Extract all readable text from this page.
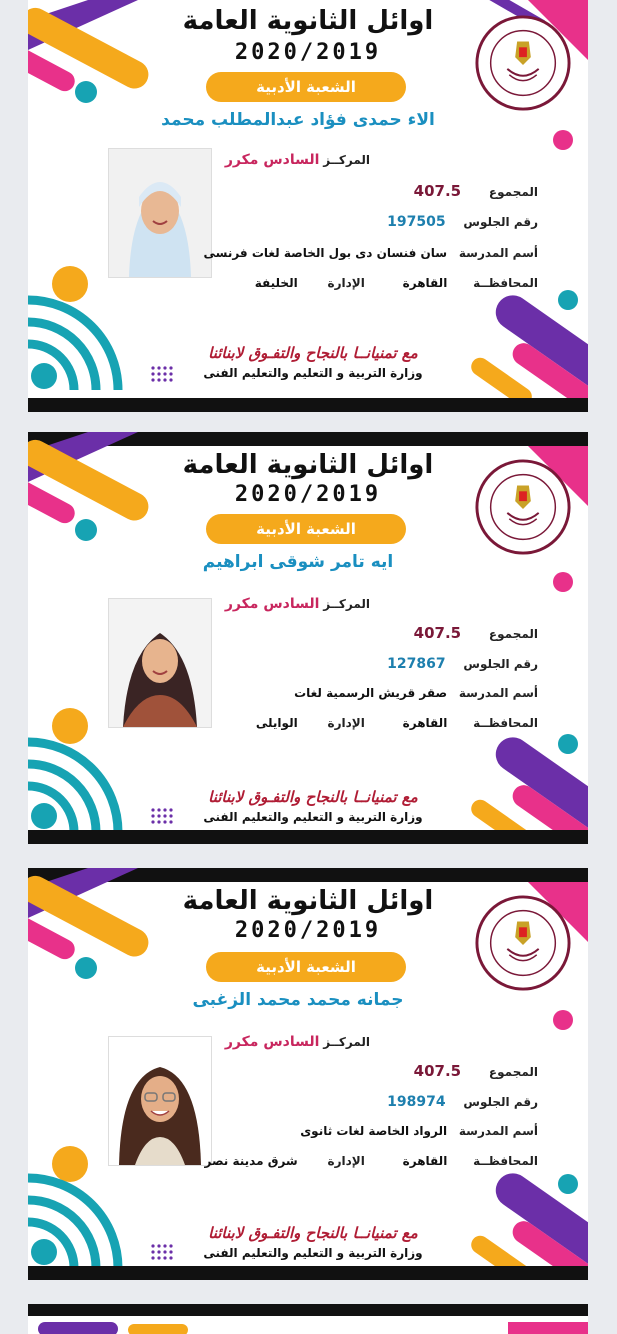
اوائل الثانوية العامة
2020/2019
الشعبة الأدبية
الاء حمدى فؤاد عبدالمطلب محمد
المركــز السادس مكرر
المجموع 407.5
رقم الجلوس 197505
أسم المدرسة سان فنسان دى بول الخاصة لغات فرنسى
المحافظــة القاهرة الإدارة الخليفة
مع تمنيانــا بالنجاح والتفـوق لابنائنا
وزارة التربية و التعليم والتعليم الفنى
اوائل الثانوية العامة
2020/2019
الشعبة الأدبية
ايه تامر شوقى ابراهيم
المركــز السادس مكرر
المجموع 407.5
رقم الجلوس 127867
أسم المدرسة صقر قريش الرسمية لغات
المحافظــة القاهرة الإدارة الوايلى
مع تمنيانــا بالنجاح والتفـوق لابنائنا
وزارة التربية و التعليم والتعليم الفنى
اوائل الثانوية العامة
2020/2019
الشعبة الأدبية
جمانه محمد محمد الزغبى
المركــز السادس مكرر
المجموع 407.5
رقم الجلوس 198974
أسم المدرسة الرواد الخاصة لغات ثانوى
المحافظــة القاهرة الإدارة شرق مدينة نصر
مع تمنيانــا بالنجاح والتفـوق لابنائنا
وزارة التربية و التعليم والتعليم الفنى
